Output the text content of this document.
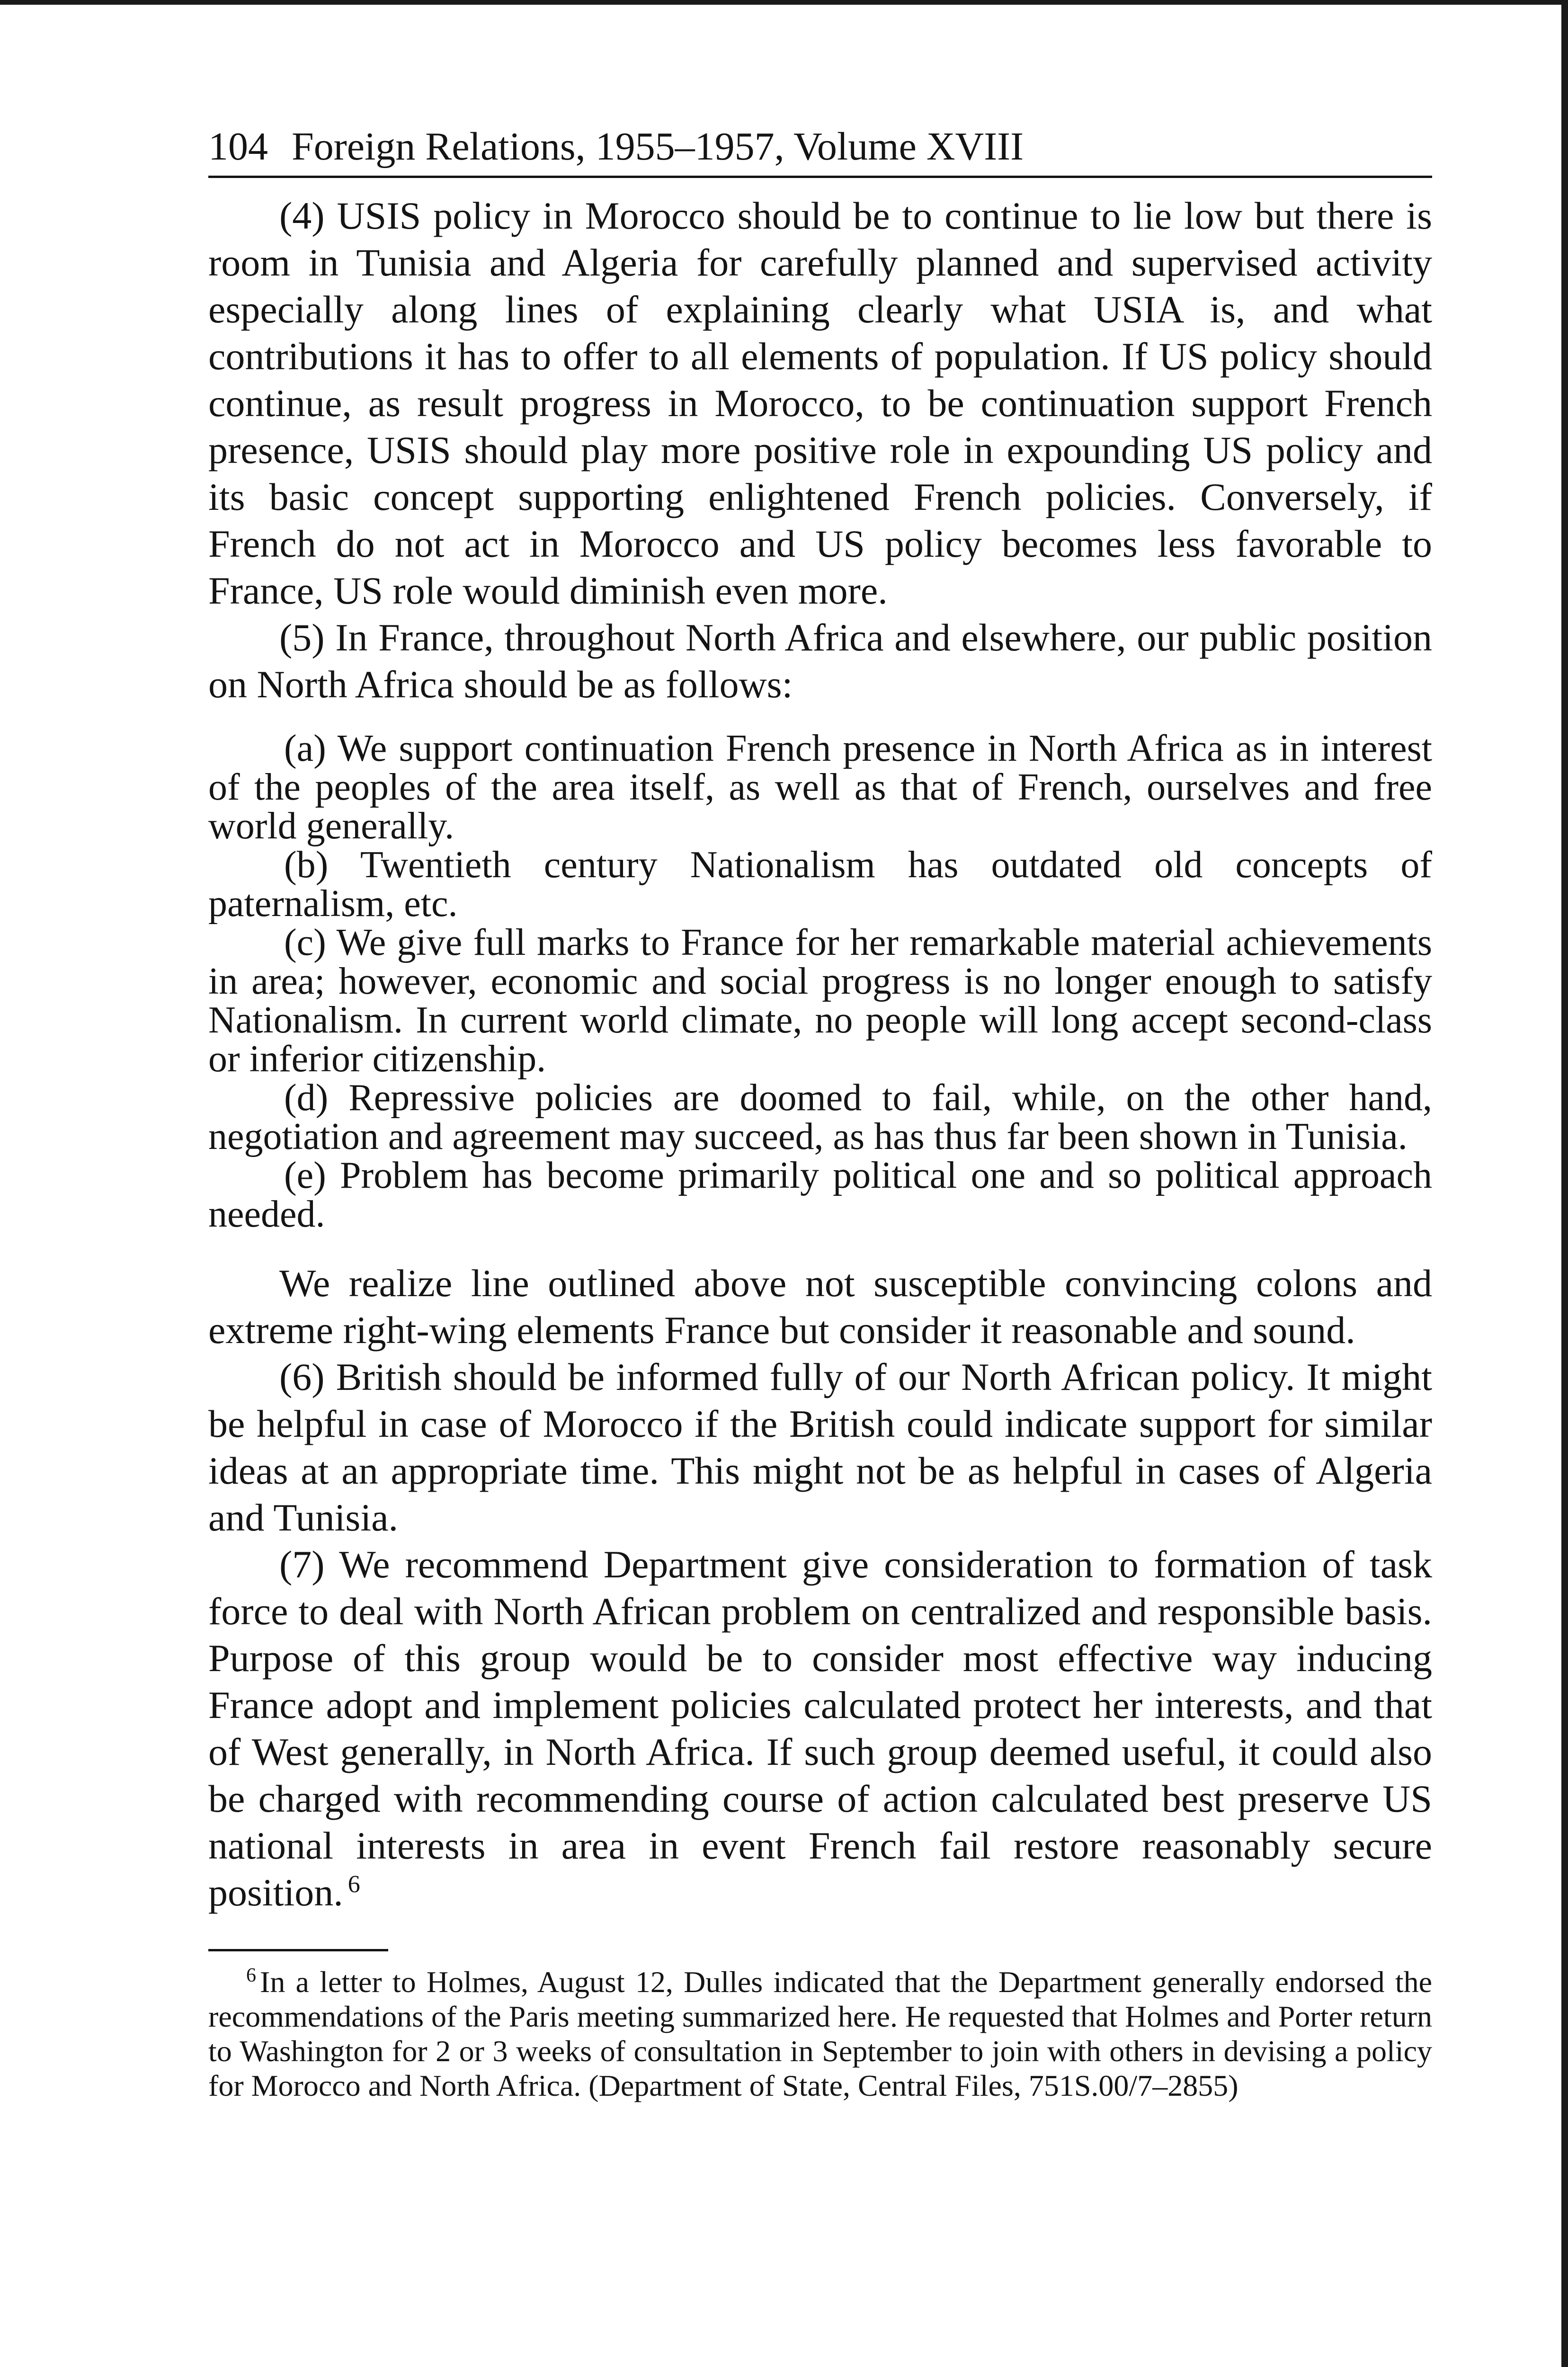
104 Foreign Relations, 1955–1957, Volume XVIII

(4) USIS policy in Morocco should be to continue to lie low but there is room in Tunisia and Algeria for carefully planned and supervised activity especially along lines of explaining clearly what USIA is, and what contributions it has to offer to all elements of population. If US policy should continue, as result progress in Morocco, to be continuation support French presence, USIS should play more positive role in expounding US policy and its basic concept supporting enlightened French policies. Conversely, if French do not act in Morocco and US policy becomes less favorable to France, US role would diminish even more.

(5) In France, throughout North Africa and elsewhere, our public position on North Africa should be as follows:

(a) We support continuation French presence in North Africa as in interest of the peoples of the area itself, as well as that of French, ourselves and free world generally.

(b) Twentieth century Nationalism has outdated old concepts of paternalism, etc.

(c) We give full marks to France for her remarkable material achievements in area; however, economic and social progress is no longer enough to satisfy Nationalism. In current world climate, no people will long accept second-class or inferior citizenship.

(d) Repressive policies are doomed to fail, while, on the other hand, negotiation and agreement may succeed, as has thus far been shown in Tunisia.

(e) Problem has become primarily political one and so political approach needed.

We realize line outlined above not susceptible convincing colons and extreme right-wing elements France but consider it reasonable and sound.

(6) British should be informed fully of our North African policy. It might be helpful in case of Morocco if the British could indicate support for similar ideas at an appropriate time. This might not be as helpful in cases of Algeria and Tunisia.

(7) We recommend Department give consideration to formation of task force to deal with North African problem on centralized and responsible basis. Purpose of this group would be to consider most effective way inducing France adopt and implement policies calculated protect her interests, and that of West generally, in North Africa. If such group deemed useful, it could also be charged with recommending course of action calculated best preserve US national interests in area in event French fail restore reasonably secure position. $^6$

$^6$ In a letter to Holmes, August 12, Dulles indicated that the Department generally endorsed the recommendations of the Paris meeting summarized here. He requested that Holmes and Porter return to Washington for 2 or 3 weeks of consultation in September to join with others in devising a policy for Morocco and North Africa. (Department of State, Central Files, 751S.00/7–2855)
